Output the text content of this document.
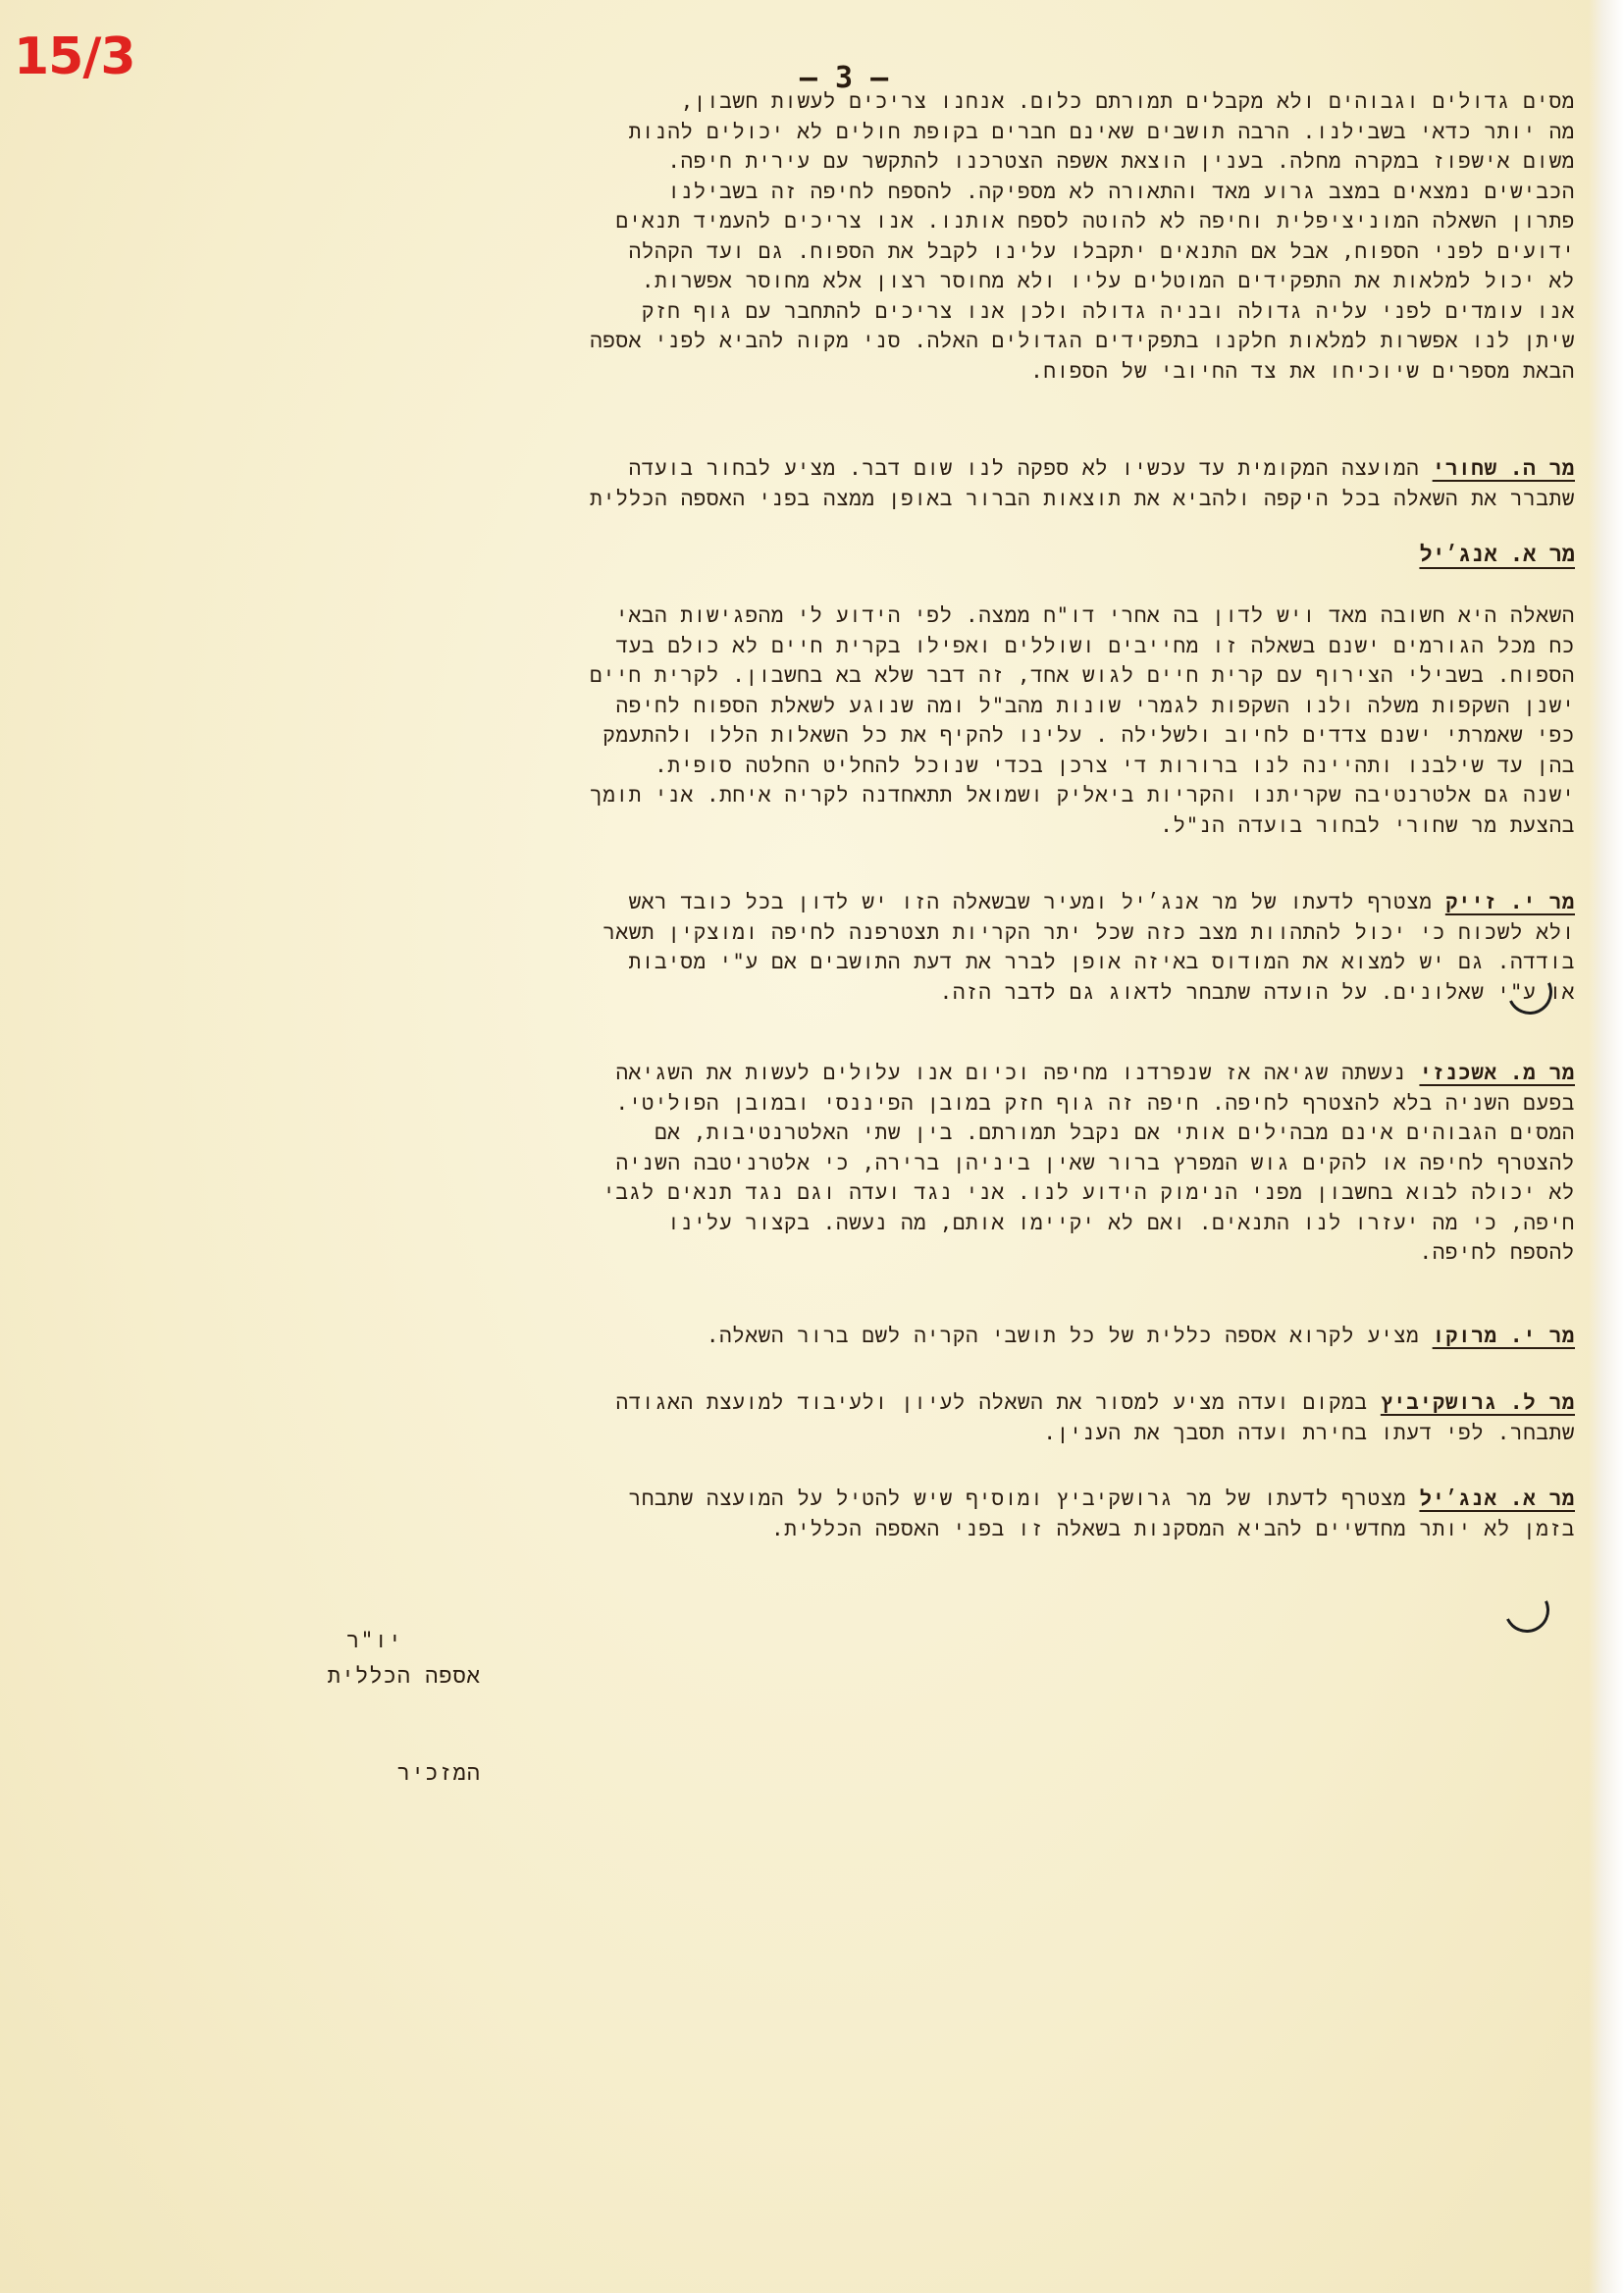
15/3	— 3 —
מסים גדולים וגבוהים ולא מקבלים תמורתם כלום. אנחנו צריכים לעשות חשבון,
מה יותר כדאי בשבילנו. הרבה תושבים שאינם חברים בקופת חולים לא יכולים להנות
משום אישפוז במקרה מחלה. בענין הוצאת אשפה הצטרכנו להתקשר עם עירית חיפה.
הכבישים נמצאים במצב גרוע מאד והתאורה לא מספיקה. להספח לחיפה זה בשבילנו
פתרון השאלה המוניציפלית וחיפה לא להוטה לספח אותנו. אנו צריכים להעמיד תנאים
ידועים לפני הספוח, אבל אם התנאים יתקבלו עלינו לקבל את הספוח. גם ועד הקהלה
לא יכול למלאות את התפקידים המוטלים עליו ולא מחוסר רצון אלא מחוסר אפשרות.
אנו עומדים לפני עליה גדולה ובניה גדולה ולכן אנו צריכים להתחבר עם גוף חזק
שיתן לנו אפשרות למלאות חלקנו בתפקידים הגדולים האלה. סני מקוה להביא לפני אספה
הבאת מספרים שיוכיחו את צד החיובי של הספוח.
מר ה. שחורי המועצה המקומית עד עכשיו לא ספקה לנו שום דבר. מציע לבחור בועדה
שתברר את השאלה בכל היקפה ולהביא את תוצאות הברור באופן ממצה בפני האספה הכללית
מר א. אנג׳יל
השאלה היא חשובה מאד ויש לדון בה אחרי דו"ח ממצה. לפי הידוע לי מהפגישות הבאי
כח מכל הגורמים ישנם בשאלה זו מחייבים ושוללים ואפילו בקרית חיים לא כולם בעד
הספוח. בשבילי הצירוף עם קרית חיים לגוש אחד, זה דבר שלא בא בחשבון. לקרית חיים
ישנן השקפות משלה ולנו השקפות לגמרי שונות מהב"ל ומה שנוגע לשאלת הספוח לחיפה
כפי שאמרתי ישנם צדדים לחיוב ולשלילה . עלינו להקיף את כל השאלות הללו ולהתעמק
בהן עד שילבנו ותהיינה לנו ברורות די צרכן בכדי שנוכל להחליט החלטה סופית.
ישנה גם אלטרנטיבה שקריתנו והקריות ביאליק ושמואל תתאחדנה לקריה איחת. אני תומך
בהצעת מר שחורי לבחור בועדה הנ"ל.
מר י. זייק מצטרף לדעתו של מר אנג׳יל ומעיר שבשאלה הזו יש לדון בכל כובד ראש
ולא לשכוח כי יכול להתהוות מצב כזה שכל יתר הקריות תצטרפנה לחיפה ומוצקין תשאר
בודדה. גם יש למצוא את המודוס באיזה אופן לברר את דעת התושבים אם ע"י מסיבות
או ע"י שאלונים. על הועדה שתבחר לדאוג גם לדבר הזה.
מר מ. אשכנזי נעשתה שגיאה אז שנפרדנו מחיפה וכיום אנו עלולים לעשות את השגיאה
בפעם השניה בלא להצטרף לחיפה. חיפה זה גוף חזק במובן הפיננסי ובמובן הפוליטי.
המסים הגבוהים אינם מבהילים אותי אם נקבל תמורתם. בין שתי האלטרנטיבות, אם
להצטרף לחיפה או להקים גוש המפרץ ברור שאין ביניהן ברירה, כי אלטרניטבה השניה
לא יכולה לבוא בחשבון מפני הנימוק הידוע לנו. אני נגד ועדה וגם נגד תנאים לגבי
חיפה, כי מה יעזרו לנו התנאים. ואם לא יקיימו אותם, מה נעשה. בקצור עלינו
להספח לחיפה.
מר י. מרוקו מציע לקרוא אספה כללית של כל תושבי הקריה לשם ברור השאלה.
מר ל. גרושקיביץ במקום ועדה מציע למסור את השאלה לעיון ולעיבוד למועצת האגודה
שתבחר. לפי דעתו בחירת ועדה תסבך את הענין.
מר א. אנג׳יל מצטרף לדעתו של מר גרושקיביץ ומוסיף שיש להטיל על המועצה שתבחר
בזמן לא יותר מחדשיים להביא המסקנות בשאלה זו בפני האספה הכללית.
יו"ר
אספה הכללית
המזכיר
